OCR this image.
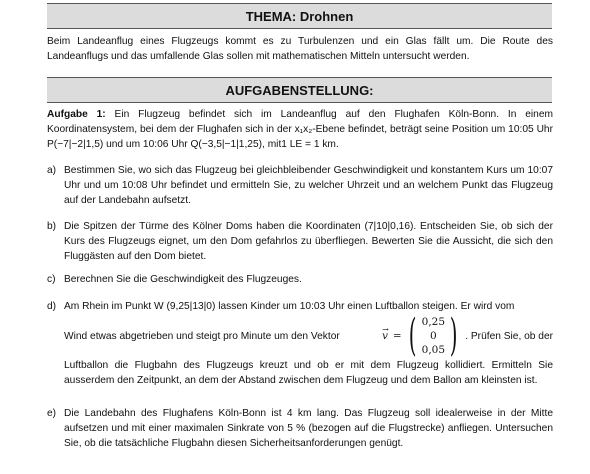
THEMA: Drohnen
Beim Landeanflug eines Flugzeugs kommt es zu Turbulenzen und ein Glas fällt um. Die Route des Landeanflugs und das umfallende Glas sollen mit mathematischen Mitteln untersucht werden.
AUFGABENSTELLUNG:
Aufgabe 1: Ein Flugzeug befindet sich im Landeanflug auf den Flughafen Köln-Bonn. In einem Koordinatensystem, bei dem der Flughafen sich in der x₁x₂-Ebene befindet, beträgt seine Position um 10:05 Uhr P(−7|−2|1,5) und um 10:06 Uhr Q(−3,5|−1|1,25), mit1 LE = 1 km.
a) Bestimmen Sie, wo sich das Flugzeug bei gleichbleibender Geschwindigkeit und konstantem Kurs um 10:07 Uhr und um 10:08 Uhr befindet und ermitteln Sie, zu welcher Uhrzeit und an welchem Punkt das Flugzeug auf der Landebahn aufsetzt.
b) Die Spitzen der Türme des Kölner Doms haben die Koordinaten (7|10|0,16). Entscheiden Sie, ob sich der Kurs des Flugzeugs eignet, um den Dom gefahrlos zu überfliegen. Bewerten Sie die Aussicht, die sich den Fluggästen auf den Dom bietet.
c) Berechnen Sie die Geschwindigkeit des Flugzeuges.
d) Am Rhein im Punkt W (9,25|13|0) lassen Kinder um 10:03 Uhr einen Luftballon steigen. Er wird vom
Wind etwas abgetrieben und steigt pro Minute um den Vektor	v
→
= ( 0,25
0
0,05 ) . Prüfen Sie, ob der
Luftballon die Flugbahn des Flugzeugs kreuzt und ob er mit dem Flugzeug kollidiert. Ermitteln Sie ausserdem den Zeitpunkt, an dem der Abstand zwischen dem Flugzeug und dem Ballon am kleinsten ist.
e) Die Landebahn des Flughafens Köln-Bonn ist 4 km lang. Das Flugzeug soll idealerweise in der Mitte aufsetzen und mit einer maximalen Sinkrate von 5 % (bezogen auf die Flugstrecke) anfliegen. Untersuchen Sie, ob die tatsächliche Flugbahn diesen Sicherheitsanforderungen genügt.
